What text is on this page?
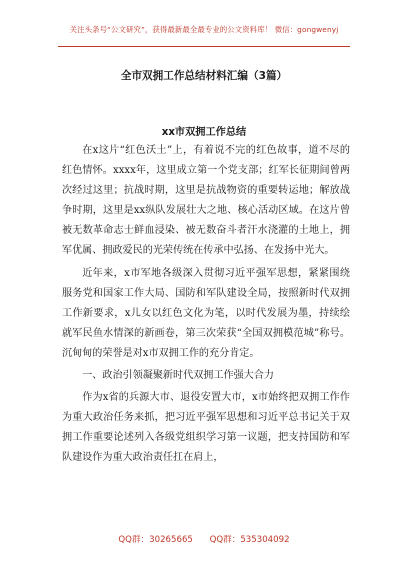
关注头条号“公文研究”，获得最新最全最专业的公文资料库！ 微信：gongwenyj
全市双拥工作总结材料汇编（3篇）
xx市双拥工作总结

在x这片“红色沃土”上，有着说不完的红色故事，道不尽的红色情怀。xxxx年，这里成立第一个党支部；红军长征期间曾两次经过这里；抗战时期，这里是抗战物资的重要转运地；解放战争时期，这里是xx纵队发展壮大之地、核心活动区域。在这片曾被无数革命志士鲜血浸染、被无数奋斗者汗水浇灌的土地上，拥军优属、拥政爱民的光荣传统在传承中弘扬、在发扬中光大。

近年来，x市军地各级深入贯彻习近平强军思想，紧紧围绕服务党和国家工作大局、国防和军队建设全局，按照新时代双拥工作新要求，x儿女以红色文化为笔，以时代发展为墨，持续绘就军民鱼水情深的新画卷，第三次荣获“全国双拥模范城”称号。沉甸甸的荣誉是对x市双拥工作的充分肯定。

一、政治引领凝聚新时代双拥工作强大合力

作为x省的兵源大市、退役安置大市，x市始终把双拥工作作为重大政治任务来抓，把习近平强军思想和习近平总书记关于双拥工作重要论述列入各级党组织学习第一议题，把支持国防和军队建设作为重大政治责任扛在肩上，

QQ群：30265665 QQ群：535304092
